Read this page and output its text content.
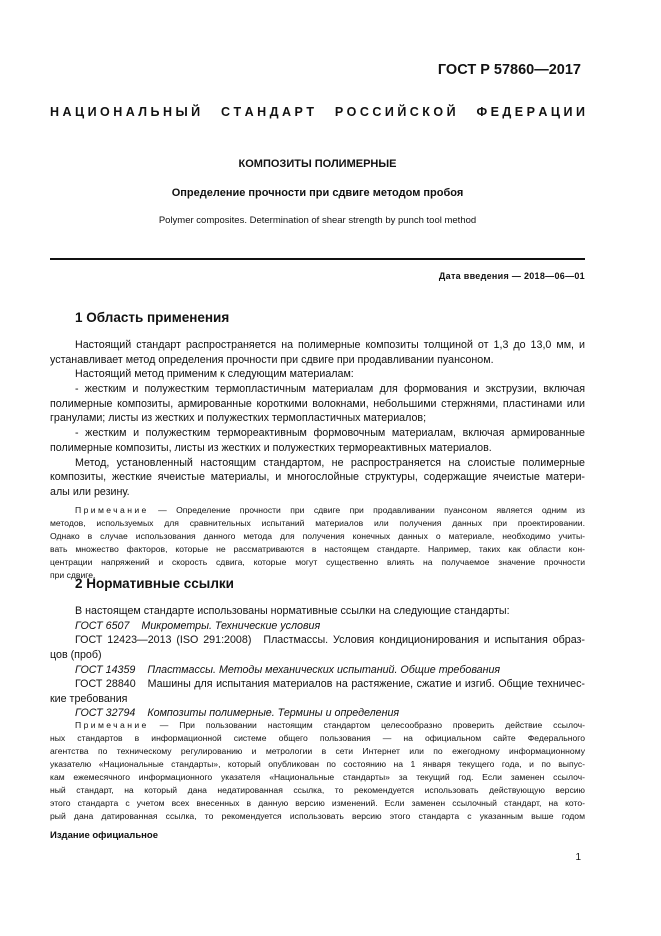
ГОСТ Р 57860—2017
Н А Ц И О Н А Л Ь Н Ы Й С Т А Н Д А Р Т Р О С С И Й С К О Й Ф Е Д Е Р А Ц И И
КОМПОЗИТЫ ПОЛИМЕРНЫЕ
Определение прочности при сдвиге методом пробоя
Polymer composites. Determination of shear strength by punch tool method
Дата введения — 2018—06—01
1 Область применения

Настоящий стандарт распространяется на полимерные композиты толщиной от 1,3 до 13,0 мм, и

устанавливает метод определения прочности при сдвиге при продавливании пуансоном.

Настоящий метод применим к следующим материалам:

- жестким и полужестким термопластичным материалам для формования и экструзии, включая

полимерные композиты, армированные короткими волокнами, небольшими стержнями, пластинами или

гранулами; листы из жестких и полужестких термопластичных материалов;

- жестким и полужестким термореактивным формовочным материалам, включая армированные

полимерные композиты, листы из жестких и полужестких термореактивных материалов.

Метод, установленный настоящим стандартом, не распространяется на слоистые полимерные

композиты, жесткие ячеистые материалы, и многослойные структуры, содержащие ячеистые матери-

алы или резину.

Примечание — Определение прочности при сдвиге при продавливании пуансоном является одним из

методов, используемых для сравнительных испытаний материалов или получения данных при проектировании.

Однако в случае использования данного метода для получения конечных данных о материале, необходимо учиты-

вать множество факторов, которые не рассматриваются в настоящем стандарте. Например, таких как области кон-

центрации напряжений и скорость сдвига, которые могут существенно влиять на получаемое значение прочности

при сдвиге.

2 Нормативные ссылки

В настоящем стандарте использованы нормативные ссылки на следующие стандарты:

ГОСТ 6507 Микрометры. Технические условия

ГОСТ 12423—2013 (ISO 291:2008) Пластмассы. Условия кондиционирования и испытания образ-

цов (проб)

ГОСТ 14359 Пластмассы. Методы механических испытаний. Общие требования

ГОСТ 28840 Машины для испытания материалов на растяжение, сжатие и изгиб. Общие техничес-

кие требования

ГОСТ 32794 Композиты полимерные. Термины и определения

Примечание — При пользовании настоящим стандартом целесообразно проверить действие ссылоч-

ных стандартов в информационной системе общего пользования — на официальном сайте Федерального

агентства по техническому регулированию и метрологии в сети Интернет или по ежегодному информационному

указателю «Национальные стандарты», который опубликован по состоянию на 1 января текущего года, и по выпус-

кам ежемесячного информационного указателя «Национальные стандарты» за текущий год. Если заменен ссылоч-

ный стандарт, на который дана недатированная ссылка, то рекомендуется использовать действующую версию

этого стандарта с учетом всех внесенных в данную версию изменений. Если заменен ссылочный стандарт, на кото-

рый дана датированная ссылка, то рекомендуется использовать версию этого стандарта с указанным выше годом

Издание официальное
1
